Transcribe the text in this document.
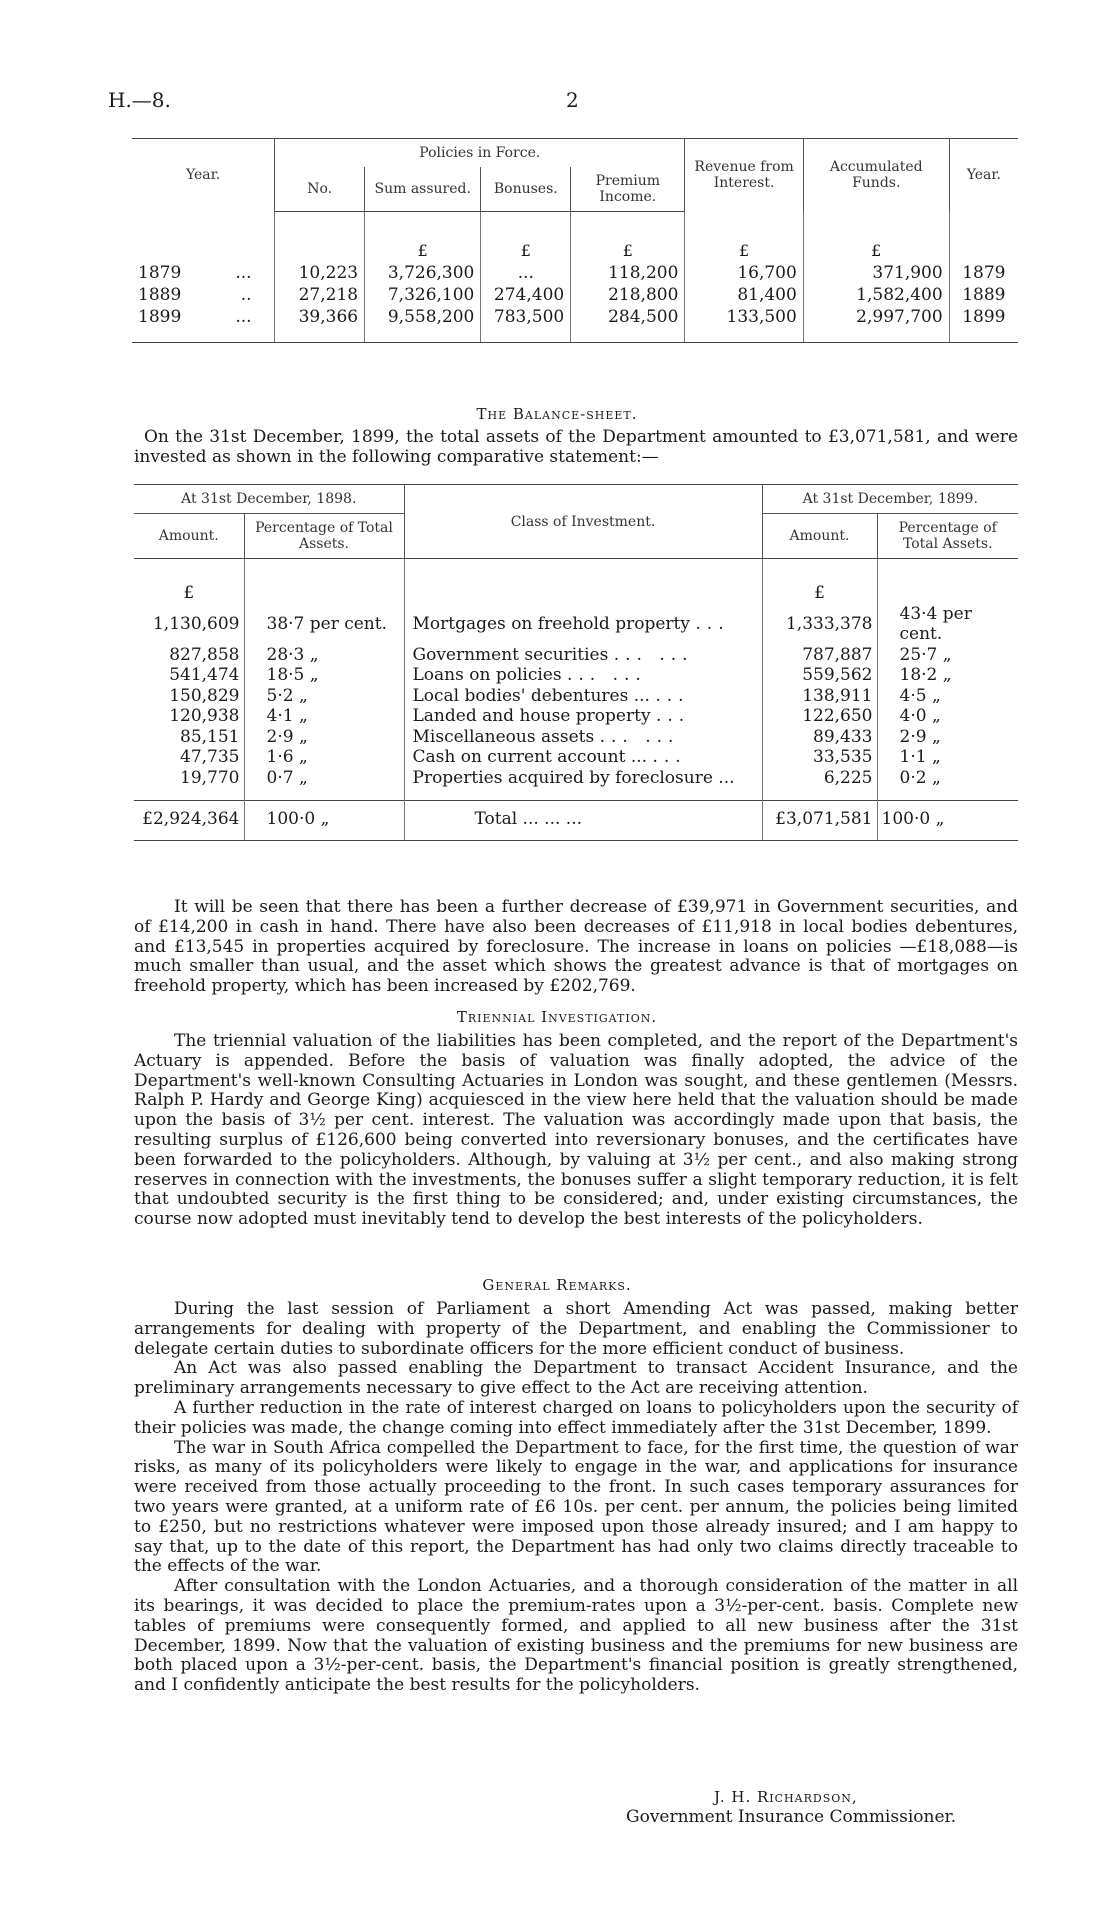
H.—8.	2
Year.	Policies in Force.				Revenue from Interest.	Accumulated Funds.	Year.
	No.	Sum assured.	Bonuses.	Premium Income.			
		£	£	£	£	£	
1879 ...	10,223	3,726,300	...	118,200	16,700	371,900	1879
1889 ..	27,218	7,326,100	274,400	218,800	81,400	1,582,400	1889
1899 ...	39,366	9,558,200	783,500	284,500	133,500	2,997,700	1899
The Balance-sheet.
On the 31st December, 1899, the total assets of the Department amounted to £3,071,581, and were invested as shown in the following comparative statement:—
At 31st December, 1898.		Class of Investment.	At 31st December, 1899.	
Amount.	Percentage of Total Assets.		Amount.	Percentage of Total Assets.
£			£	
1,130,609	38·7 per cent.	Mortgages on freehold property ...	1,333,378	43·4 per cent.
827,858	28·3 „	Government securities ... ...	787,887	25·7 „
541,474	18·5 „	Loans on policies ... ...	559,562	18·2 „
150,829	5·2 „	Local bodies' debentures ... ...	138,911	4·5 „
120,938	4·1 „	Landed and house property ...	122,650	4·0 „
85,151	2·9 „	Miscellaneous assets ... ...	89,433	2·9 „
47,735	1·6 „	Cash on current account ... ...	33,535	1·1 „
19,770	0·7 „	Properties acquired by foreclosure ...	6,225	0·2 „
£2,924,364	100·0 „	Total ... ... ...	£3,071,581	100·0 „
It will be seen that there has been a further decrease of £39,971 in Government securities, and of £14,200 in cash in hand. There have also been decreases of £11,918 in local bodies debentures, and £13,545 in properties acquired by foreclosure. The increase in loans on policies —£18,088—is much smaller than usual, and the asset which shows the greatest advance is that of mortgages on freehold property, which has been increased by £202,769.
Triennial Investigation.
The triennial valuation of the liabilities has been completed, and the report of the Department's Actuary is appended. Before the basis of valuation was finally adopted, the advice of the Department's well-known Consulting Actuaries in London was sought, and these gentlemen (Messrs. Ralph P. Hardy and George King) acquiesced in the view here held that the valuation should be made upon the basis of 3½ per cent. interest. The valuation was accordingly made upon that basis, the resulting surplus of £126,600 being converted into reversionary bonuses, and the certificates have been forwarded to the policyholders. Although, by valuing at 3½ per cent., and also making strong reserves in connection with the investments, the bonuses suffer a slight temporary reduction, it is felt that undoubted security is the first thing to be considered; and, under existing circumstances, the course now adopted must inevitably tend to develop the best interests of the policyholders.
General Remarks.
During the last session of Parliament a short Amending Act was passed, making better arrangements for dealing with property of the Department, and enabling the Commissioner to delegate certain duties to subordinate officers for the more efficient conduct of business.
An Act was also passed enabling the Department to transact Accident Insurance, and the preliminary arrangements necessary to give effect to the Act are receiving attention.
A further reduction in the rate of interest charged on loans to policyholders upon the security of their policies was made, the change coming into effect immediately after the 31st December, 1899.
The war in South Africa compelled the Department to face, for the first time, the question of war risks, as many of its policyholders were likely to engage in the war, and applications for insurance were received from those actually proceeding to the front. In such cases temporary assurances for two years were granted, at a uniform rate of £6 10s. per cent. per annum, the policies being limited to £250, but no restrictions whatever were imposed upon those already insured; and I am happy to say that, up to the date of this report, the Department has had only two claims directly traceable to the effects of the war.
After consultation with the London Actuaries, and a thorough consideration of the matter in all its bearings, it was decided to place the premium-rates upon a 3½-per-cent. basis. Complete new tables of premiums were consequently formed, and applied to all new business after the 31st December, 1899. Now that the valuation of existing business and the premiums for new business are both placed upon a 3½-per-cent. basis, the Department's financial position is greatly strengthened, and I confidently anticipate the best results for the policyholders.
J. H. Richardson,
Government Insurance Commissioner.
